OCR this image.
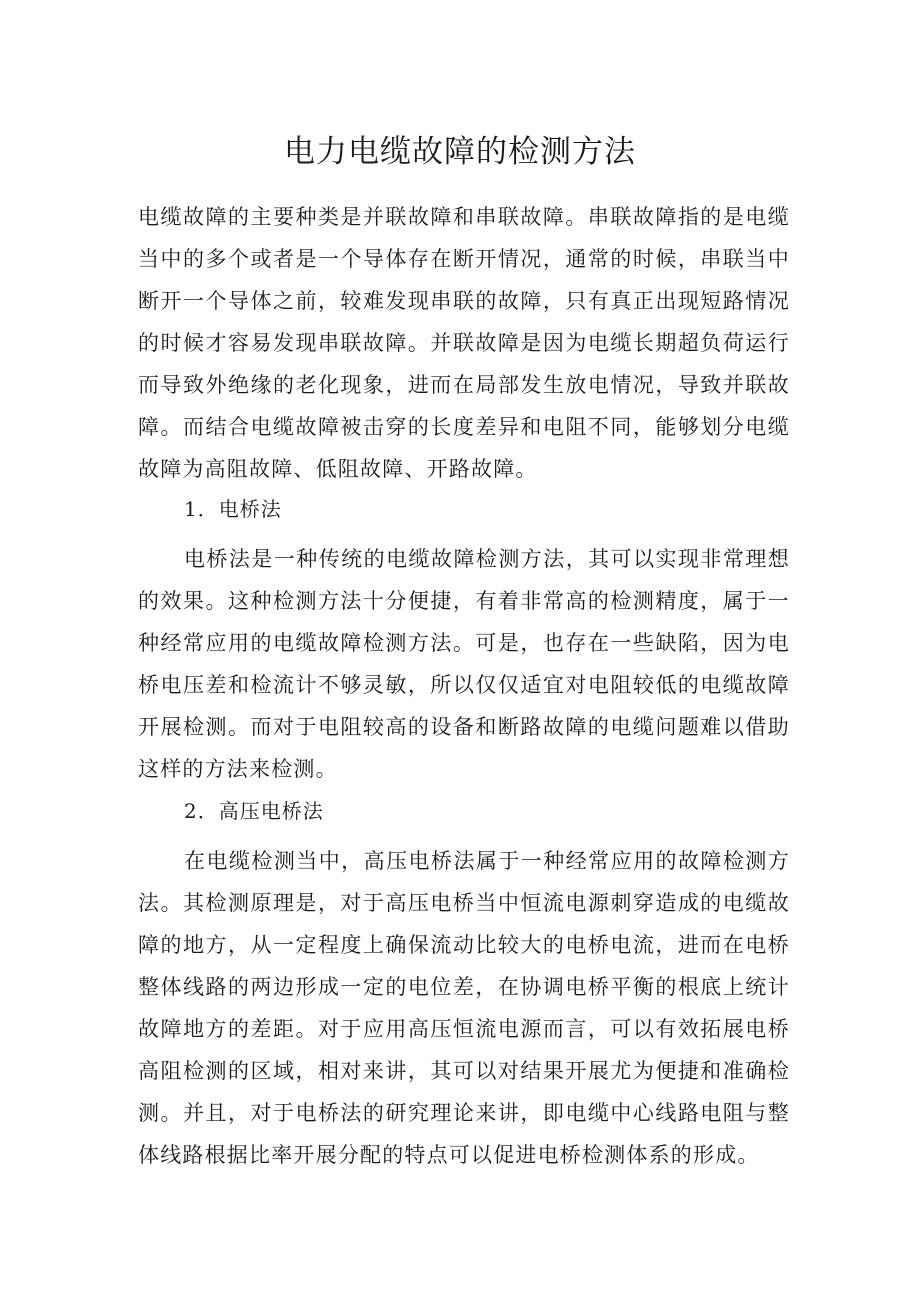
电力电缆故障的检测方法

电缆故障的主要种类是并联故障和串联故障。串联故障指的是电缆当中的多个或者是一个导体存在断开情况，通常的时候，串联当中断开一个导体之前，较难发现串联的故障，只有真正出现短路情况的时候才容易发现串联故障。并联故障是因为电缆长期超负荷运行而导致外绝缘的老化现象，进而在局部发生放电情况，导致并联故障。而结合电缆故障被击穿的长度差异和电阻不同，能够划分电缆故障为高阻故障、低阻故障、开路故障。

1．电桥法

电桥法是一种传统的电缆故障检测方法，其可以实现非常理想的效果。这种检测方法十分便捷，有着非常高的检测精度，属于一种经常应用的电缆故障检测方法。可是，也存在一些缺陷，因为电桥电压差和检流计不够灵敏，所以仅仅适宜对电阻较低的电缆故障开展检测。而对于电阻较高的设备和断路故障的电缆问题难以借助这样的方法来检测。

2．高压电桥法

在电缆检测当中，高压电桥法属于一种经常应用的故障检测方法。其检测原理是，对于高压电桥当中恒流电源刺穿造成的电缆故障的地方，从一定程度上确保流动比较大的电桥电流，进而在电桥整体线路的两边形成一定的电位差，在协调电桥平衡的根底上统计故障地方的差距。对于应用高压恒流电源而言，可以有效拓展电桥高阻检测的区域，相对来讲，其可以对结果开展尤为便捷和准确检测。并且，对于电桥法的研究理论来讲，即电缆中心线路电阻与整体线路根据比率开展分配的特点可以促进电桥检测体系的形成。
